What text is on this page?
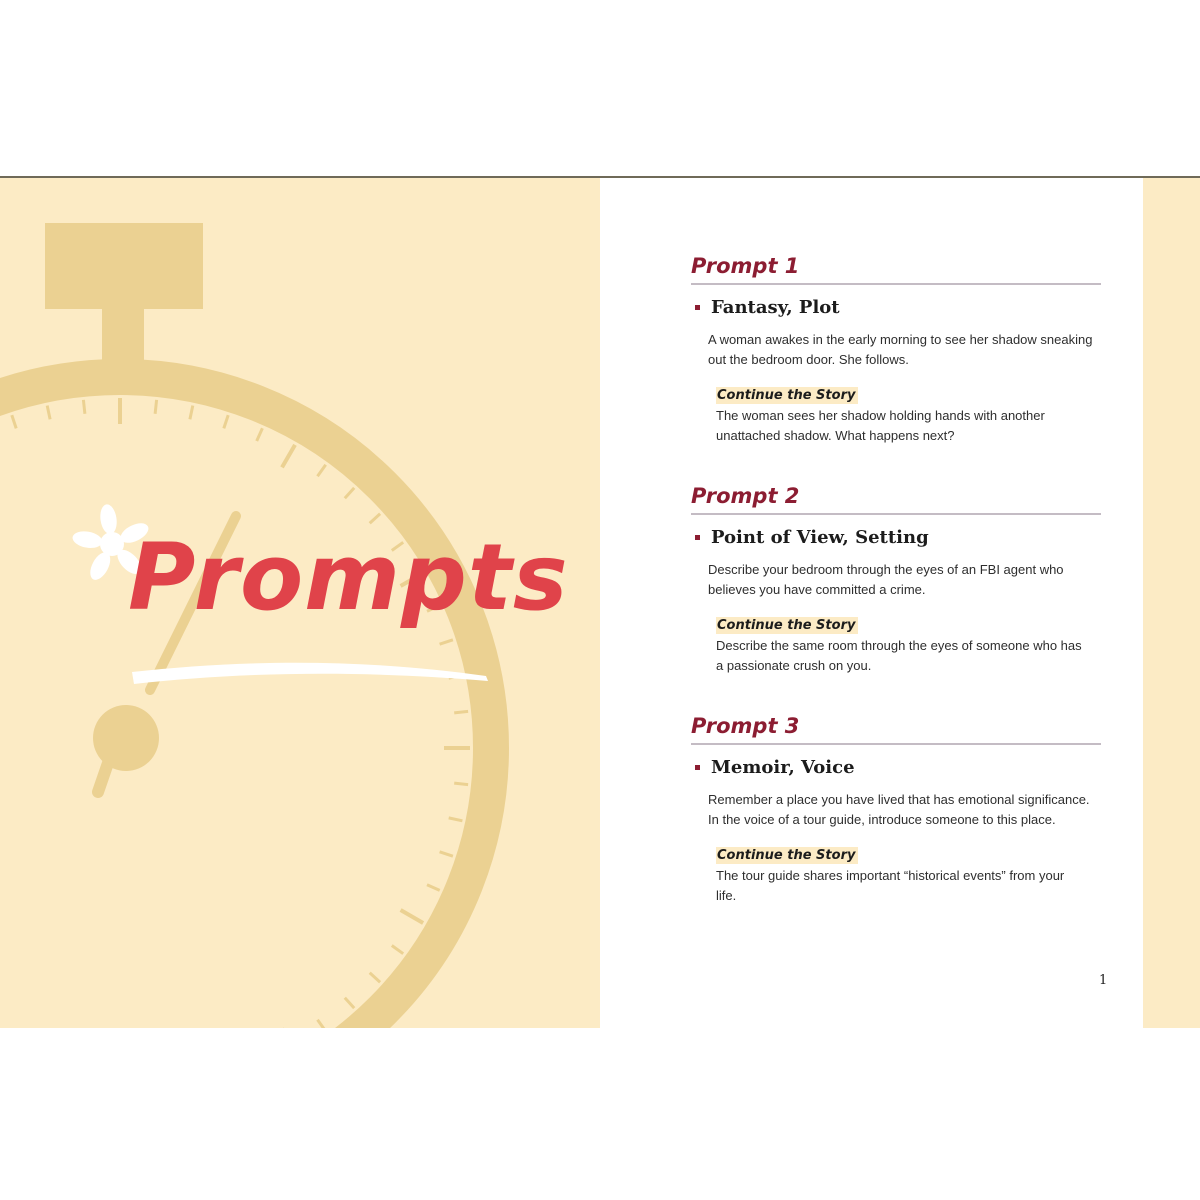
Prompts
Prompt 1
Fantasy, Plot

A woman awakes in the early morning to see her shadow sneaking out the bedroom door. She follows.

Continue the Story

The woman sees her shadow holding hands with another unattached shadow. What happens next?

Prompt 2
Point of View, Setting

Describe your bedroom through the eyes of an FBI agent who believes you have committed a crime.

Continue the Story

Describe the same room through the eyes of someone who has a passionate crush on you.

Prompt 3
Memoir, Voice

Remember a place you have lived that has emotional significance. In the voice of a tour guide, introduce someone to this place.

Continue the Story

The tour guide shares important “historical events” from your life.

1
